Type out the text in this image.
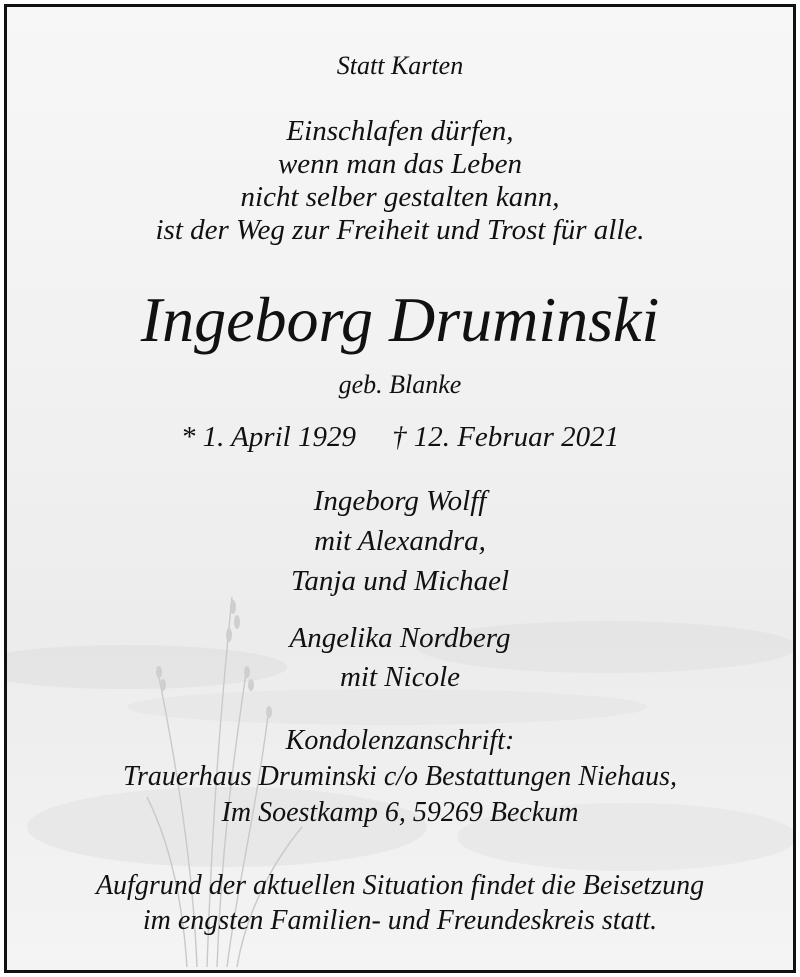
Statt Karten
Einschlafen dürfen,
wenn man das Leben
nicht selber gestalten kann,
ist der Weg zur Freiheit und Trost für alle.
Ingeborg Druminski
geb. Blanke
* 1. April 1929 † 12. Februar 2021
Ingeborg Wolff
mit Alexandra,
Tanja und Michael
Angelika Nordberg
mit Nicole
Kondolenzanschrift:
Trauerhaus Druminski c/o Bestattungen Niehaus,
Im Soestkamp 6, 59269 Beckum
Aufgrund der aktuellen Situation findet die Beisetzung
im engsten Familien- und Freundeskreis statt.
